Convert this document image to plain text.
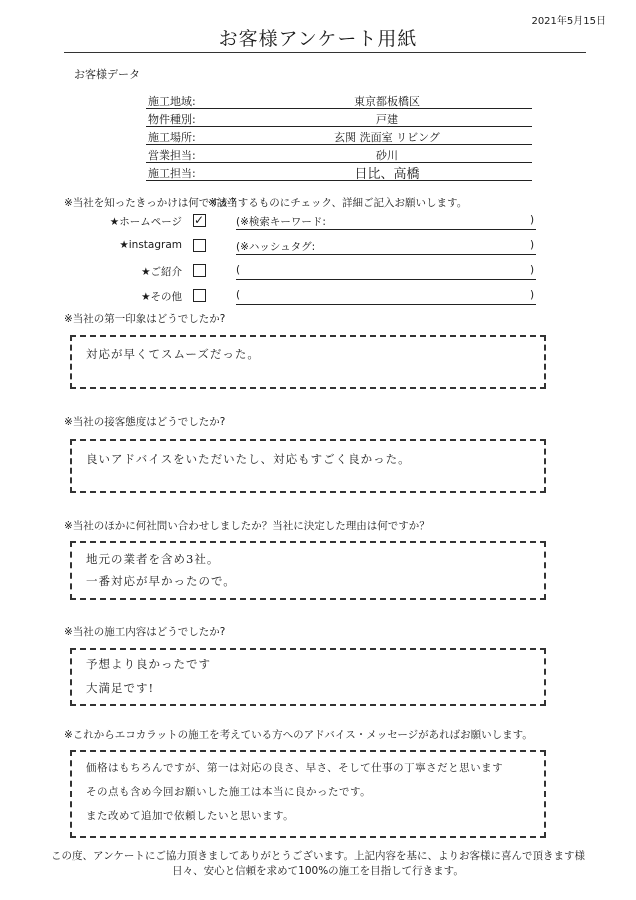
2021年5月15日
お客様アンケート用紙
お客様データ
施工地域:	東京都板橋区
物件種別:	戸建
施工場所:	玄関 洗面室 リビング
営業担当:	砂川
施工担当:	日比、高橋
※当社を知ったきっかけは何ですか?
※該当するものにチェック、詳細ご記入お願いします。
★ホームページ ✓	(※検索キーワード:	)
★instagram	(※ハッシュタグ:	)
★ご紹介	(	)
★その他	(	)
※当社の第一印象はどうでしたか?
対応が早くてスムーズだった。
※当社の接客態度はどうでしたか?
良いアドバイスをいただいたし、対応もすごく良かった。
※当社のほかに何社問い合わせしましたか？当社に決定した理由は何ですか？
地元の業者を含め3社。
一番対応が早かったので。
※当社の施工内容はどうでしたか?
予想より良かったです
大満足です!
※これからエコカラットの施工を考えている方へのアドバイス・メッセージがあればお願いします。
価格はもちろんですが、第一は対応の良さ、早さ、そして仕事の丁寧さだと思います
その点も含め今回お願いした施工は本当に良かったです。
また改めて追加で依頼したいと思います。
この度、アンケートにご協力頂きましてありがとうございます。上記内容を基に、よりお客様に喜んで頂きます様
日々、安心と信頼を求めて100%の施工を目指して行きます。
